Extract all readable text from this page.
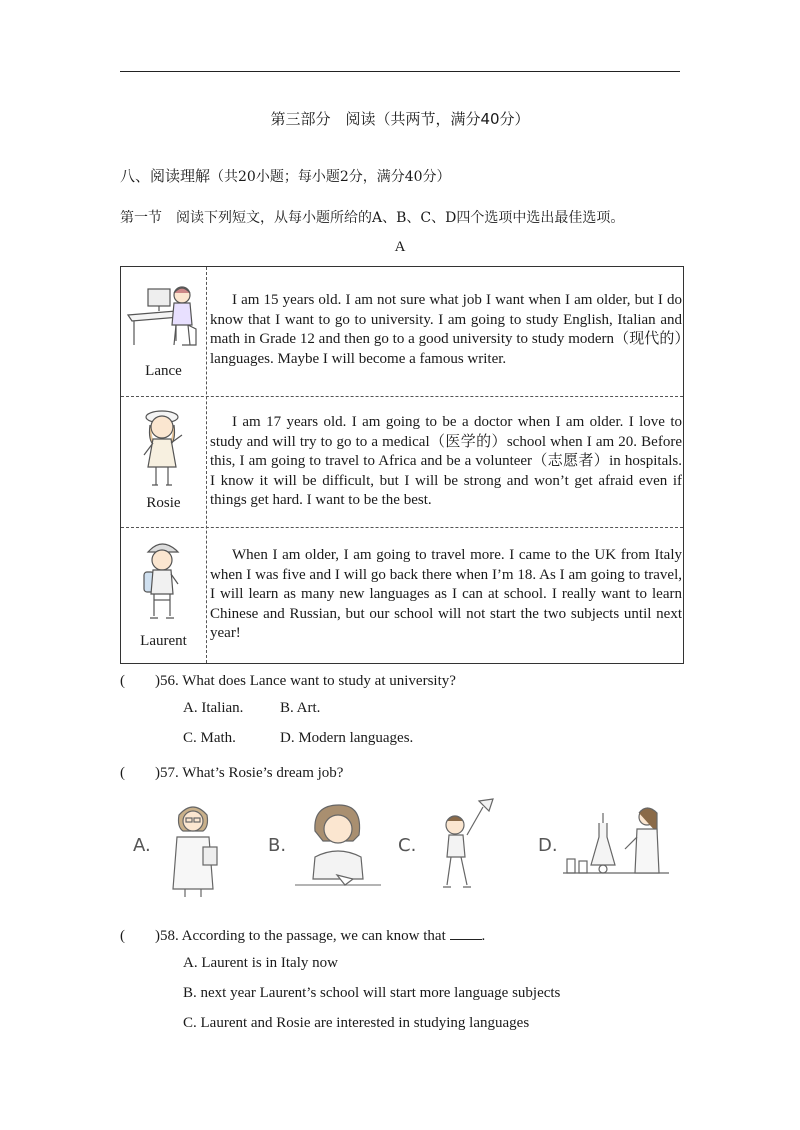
第三部分　阅读（共两节，满分40分）
八、阅读理解（共20小题；每小题2分，满分40分）
第一节　阅读下列短文，从每小题所给的A、B、C、D四个选项中选出最佳选项。
A
Lance
I am 15 years old. I am not sure what job I want when I am older, but I do know that I want to go to university. I am going to study English, Italian and math in Grade 12 and then go to a good university to study modern（现代的）languages. Maybe I will become a famous writer.
Rosie
I am 17 years old. I am going to be a doctor when I am older. I love to study and will try to go to a medical（医学的）school when I am 20. Before this, I am going to travel to Africa and be a volunteer（志愿者）in hospitals. I know it will be difficult, but I will be strong and won’t get afraid even if things get hard. I want to be the best.
Laurent
When I am older, I am going to travel more. I came to the UK from Italy when I was five and I will go back there when I’m 18. As I am going to travel, I will learn as many new languages as I can at school. I really want to learn Chinese and Russian, but our school will not start the two subjects until next year!
(　　)56. What does Lance want to study at university?
A. Italian. B. Art.
C. Math.	D. Modern languages.
(　　)57. What’s Rosie’s dream job?
A.	B.	C.	D.
(　　)58. According to the passage, we can know that .
A. Laurent is in Italy now
B. next year Laurent’s school will start more language subjects
C. Laurent and Rosie are interested in studying languages
